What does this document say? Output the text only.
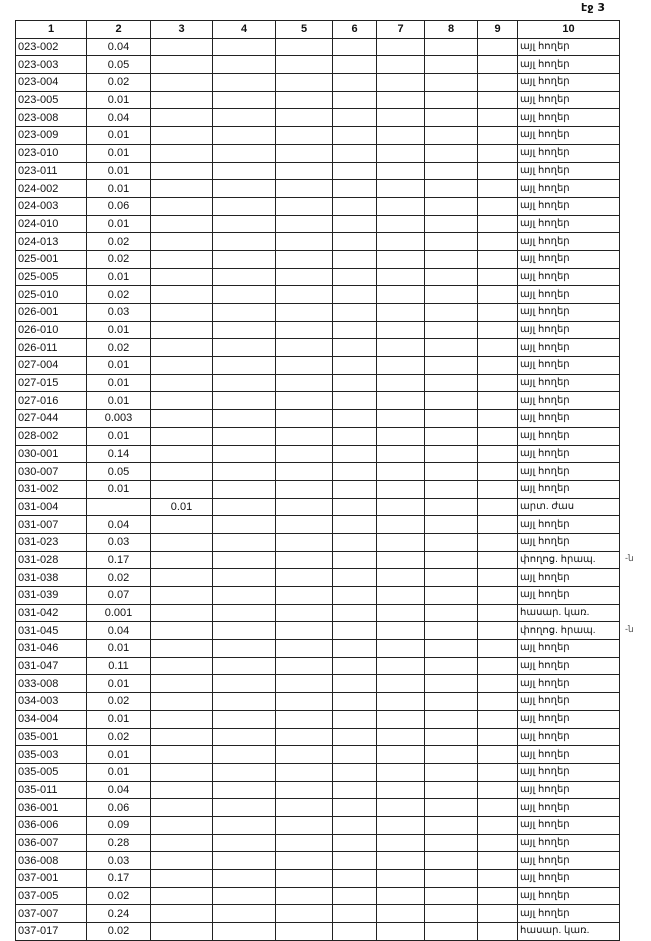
էջ 3
1	2	3	4	5	6	7	8	9	10
023-002	0.04								այլ հողեր
023-003	0.05								այլ հողեր
023-004	0.02								այլ հողեր
023-005	0.01								այլ հողեր
023-008	0.04								այլ հողեր
023-009	0.01								այլ հողեր
023-010	0.01								այլ հողեր
023-011	0.01								այլ հողեր
024-002	0.01								այլ հողեր
024-003	0.06								այլ հողեր
024-010	0.01								այլ հողեր
024-013	0.02								այլ հողեր
025-001	0.02								այլ հողեր
025-005	0.01								այլ հողեր
025-010	0.02								այլ հողեր
026-001	0.03								այլ հողեր
026-010	0.01								այլ հողեր
026-011	0.02								այլ հողեր
027-004	0.01								այլ հողեր
027-015	0.01								այլ հողեր
027-016	0.01								այլ հողեր
027-044	0.003								այլ հողեր
028-002	0.01								այլ հողեր
030-001	0.14								այլ հողեր
030-007	0.05								այլ հողեր
031-002	0.01								այլ հողեր
031-004		0.01							արտ. ժաս
031-007	0.04								այլ հողեր
031-023	0.03								այլ հողեր
031-028	0.17								փողոց. հրապ.
031-038	0.02								այլ հողեր
031-039	0.07								այլ հողեր
031-042	0.001								հասար. կառ.
031-045	0.04								փողոց. հրապ.
031-046	0.01								այլ հողեր
031-047	0.11								այլ հողեր
033-008	0.01								այլ հողեր
034-003	0.02								այլ հողեր
034-004	0.01								այլ հողեր
035-001	0.02								այլ հողեր
035-003	0.01								այլ հողեր
035-005	0.01								այլ հողեր
035-011	0.04								այլ հողեր
036-001	0.06								այլ հողեր
036-006	0.09								այլ հողեր
036-007	0.28								այլ հողեր
036-008	0.03								այլ հողեր
037-001	0.17								այլ հողեր
037-005	0.02								այլ հողեր
037-007	0.24								այլ հողեր
037-017	0.02								հասար. կառ.
-ն
-ն
